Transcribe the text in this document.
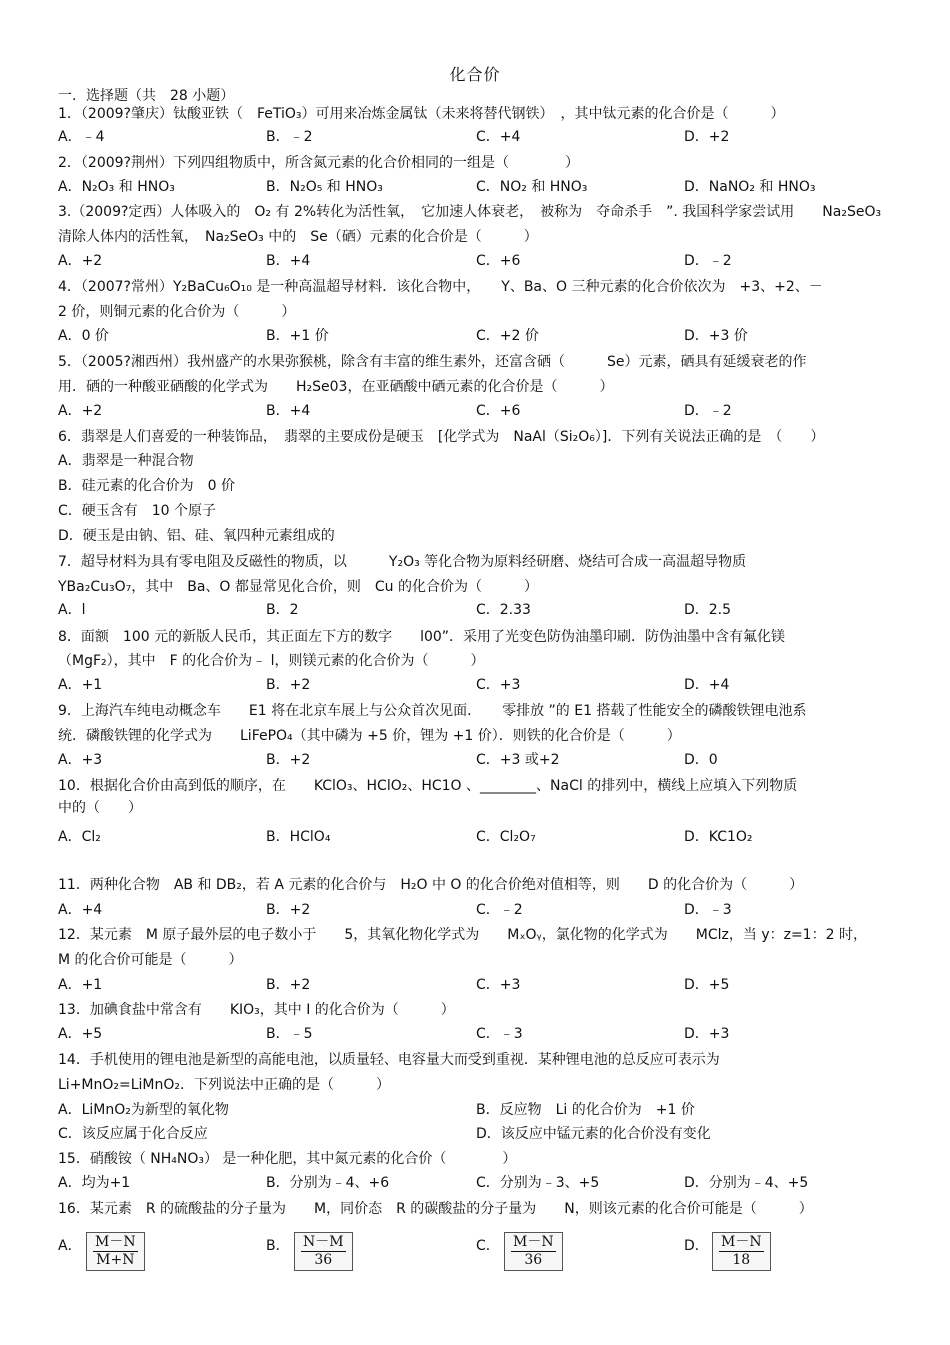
化合价
一．选择题（共　28 小题）
1．（2009?肇庆）钛酸亚铁（　FeTiO₃）可用来冶炼金属钛（未来将替代钢铁）　，其中钛元素的化合价是（　　　）
2．（2009?荆州）下列四组物质中，所含氮元素的化合价相同的一组是（　　　　）
3.（2009?定西）人体吸入的　O₂ 有 2%转化为活性氧，　它加速人体衰老，　被称为　夺命杀手　”. 我国科学家尝试用　　Na₂SeO₃
清除人体内的活性氧，　Na₂SeO₃ 中的　Se（硒）元素的化合价是（　　　）
4．（2007?常州）Y₂BaCu₆O₁₀ 是一种高温超导材料．该化合物中，　　Y、Ba、O 三种元素的化合价依次为　+3、+2、－
2 价，则铜元素的化合价为（　　　）
5．（2005?湘西州）我州盛产的水果弥猴桃，除含有丰富的维生素外，还富含硒（　　　Se）元素，硒具有延缓衰老的作
用．硒的一种酸亚硒酸的化学式为　　H₂Se03，在亚硒酸中硒元素的化合价是（　　　）
6．翡翠是人们喜爱的一种装饰品，　翡翠的主要成份是硬玉　[化学式为　NaAl（Si₂O₆）]．下列有关说法正确的是　（　　）
7．超导材料为具有零电阻及反磁性的物质，以　　　Y₂O₃ 等化合物为原料经研磨、烧结可合成一高温超导物质
YBa₂Cu₃O₇，其中　Ba、O 都显常见化合价，则　Cu 的化合价为（　　　）
8．面额　100 元的新版人民币，其正面左下方的数字　　l00”．采用了光变色防伪油墨印刷．防伪油墨中含有氟化镁
（MgF₂），其中　F 的化合价为﹣ l，则镁元素的化合价为（　　　）
9．上海汽车纯电动概念车　　E1 将在北京车展上与公众首次见面．　　零排放 ”的 E1 搭载了性能安全的磷酸铁锂电池系
统．磷酸铁锂的化学式为　　LiFePO₄（其中磷为 +5 价，锂为 +1 价）．则铁的化合价是（　　　）
10．根据化合价由高到低的顺序，在　　KClO₃、HClO₂、HC1O 、________、NaCl 的排列中，横线上应填入下列物质
中的（　　）
11．两种化合物　AB 和 DB₂，若 A 元素的化合价与　H₂O 中 O 的化合价绝对值相等，则　　D 的化合价为（　　　）
12．某元素　M 原子最外层的电子数小于　　5，其氧化物化学式为　　MₓOᵧ，氯化物的化学式为　　MClz，当 y：z=1：2 时，
M 的化合价可能是（　　　）
13．加碘食盐中常含有　　KIO₃，其中 I 的化合价为（　　　）
14．手机使用的锂电池是新型的高能电池，以质量轻、电容量大而受到重视．某种锂电池的总反应可表示为
Li+MnO₂=LiMnO₂．下列说法中正确的是（　　　）
15．硝酸铵（ NH₄NO₃） 是一种化肥，其中氮元素的化合价（　　　　）
16．某元素　R 的硫酸盐的分子量为　　M，同价态　R 的碳酸盐的分子量为　　N，则该元素的化合价可能是（　　　）
A．﹣4	B．﹣2	C．+4	D．+2
A．N₂O₃ 和 HNO₃	B．N₂O₅ 和 HNO₃	C．NO₂ 和 HNO₃	D．NaNO₂ 和 HNO₃
A．+2	B．+4	C．+6	D．﹣2
A．0 价	B．+1 价	C．+2 价	D．+3 价
A．+2	B．+4	C．+6	D．﹣2
A．l	B．2	C．2.33	D．2.5
A．+1	B．+2	C．+3	D．+4
A．+3	B．+2	C．+3 或+2	D．0
A．Cl₂	B．HClO₄	C．Cl₂O₇	D．KC1O₂
A．+4	B．+2	C．﹣2	D．﹣3
A．+1	B．+2	C．+3	D．+5
A．+5	B．﹣5	C．﹣3	D．+3
A．均为+1	B．分别为﹣4、+6	C．分别为﹣3、+5	D．分别为﹣4、+5
A．翡翠是一种混合物
B．硅元素的化合价为　0 价
C．硬玉含有　10 个原子
D．硬玉是由钠、铝、硅、氧四种元素组成的
A．LiMnO₂为新型的氧化物	B．反应物　Li 的化合价为　+1 价
C．该反应属于化合反应	D．该反应中锰元素的化合价没有变化
A． $\frac{M-N}{M+N}$	B． $\frac{N-M}{36}$	C． $\frac{M-N}{36}$	D． $\frac{M-N}{18}$
